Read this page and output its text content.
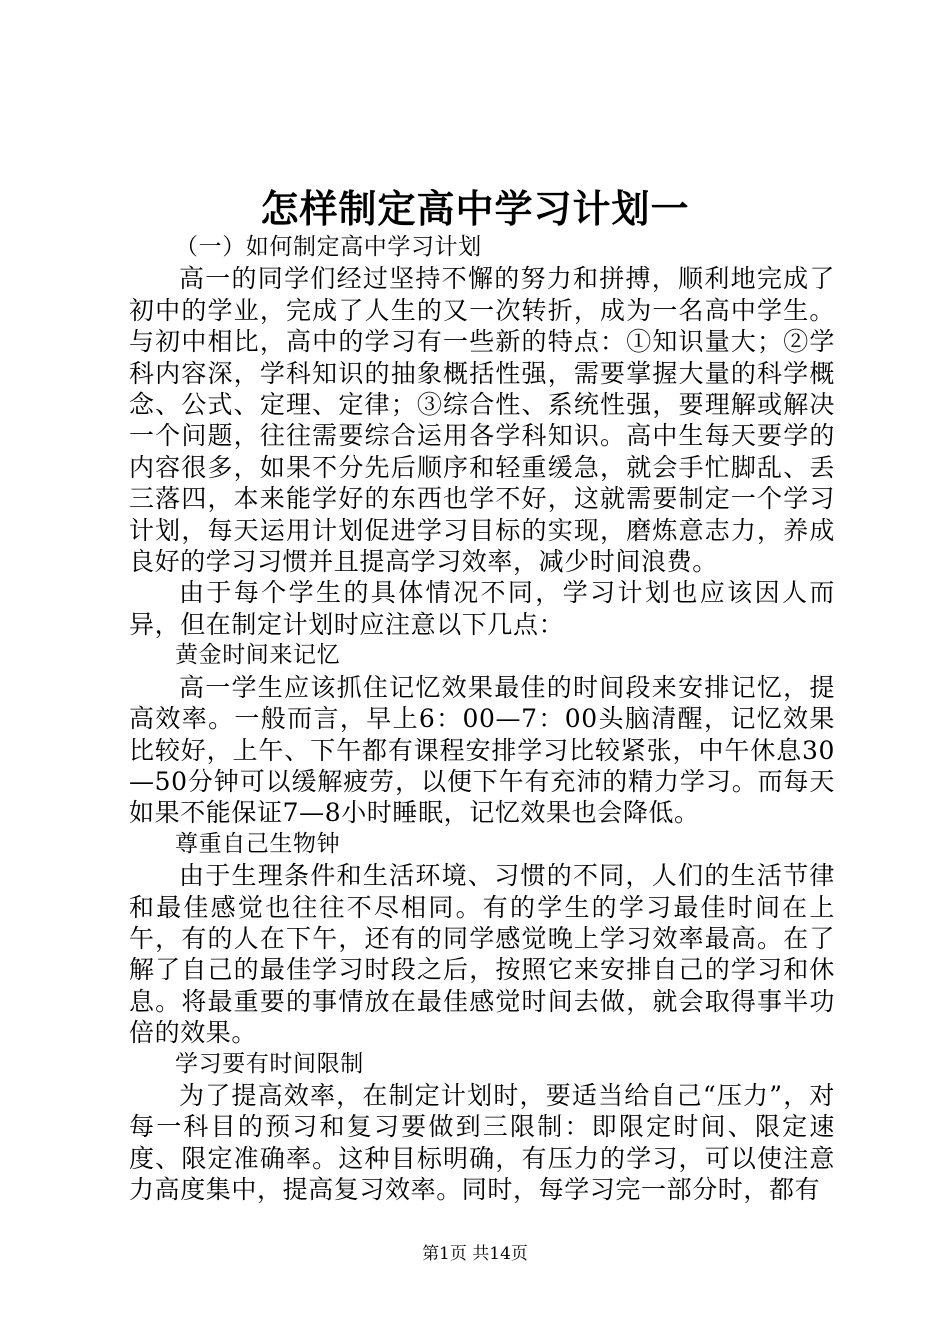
怎样制定高中学习计划一

（一）如何制定高中学习计划

高一的同学们经过坚持不懈的努力和拼搏，顺利地完成了初中的学业，完成了人生的又一次转折，成为一名高中学生。与初中相比，高中的学习有一些新的特点：①知识量大；②学科内容深，学科知识的抽象概括性强，需要掌握大量的科学概念、公式、定理、定律；③综合性、系统性强，要理解或解决一个问题，往往需要综合运用各学科知识。高中生每天要学的内容很多，如果不分先后顺序和轻重缓急，就会手忙脚乱、丢三落四，本来能学好的东西也学不好，这就需要制定一个学习计划，每天运用计划促进学习目标的实现，磨炼意志力，养成良好的学习习惯并且提高学习效率，减少时间浪费。

由于每个学生的具体情况不同，学习计划也应该因人而异，但在制定计划时应注意以下几点：

黄金时间来记忆

高一学生应该抓住记忆效果最佳的时间段来安排记忆，提高效率。一般而言，早上6：00—7：00头脑清醒，记忆效果比较好，上午、下午都有课程安排学习比较紧张，中午休息30—50分钟可以缓解疲劳，以便下午有充沛的精力学习。而每天如果不能保证7—8小时睡眠，记忆效果也会降低。

尊重自己生物钟

由于生理条件和生活环境、习惯的不同，人们的生活节律和最佳感觉也往往不尽相同。有的学生的学习最佳时间在上午，有的人在下午，还有的同学感觉晚上学习效率最高。在了解了自己的最佳学习时段之后，按照它来安排自己的学习和休息。将最重要的事情放在最佳感觉时间去做，就会取得事半功倍的效果。

学习要有时间限制

为了提高效率，在制定计划时，要适当给自己“压力”，对每一科目的预习和复习要做到三限制：即限定时间、限定速度、限定准确率。这种目标明确，有压力的学习，可以使注意力高度集中，提高复习效率。同时，每学习完一部分时，都有

第1页 共14页
